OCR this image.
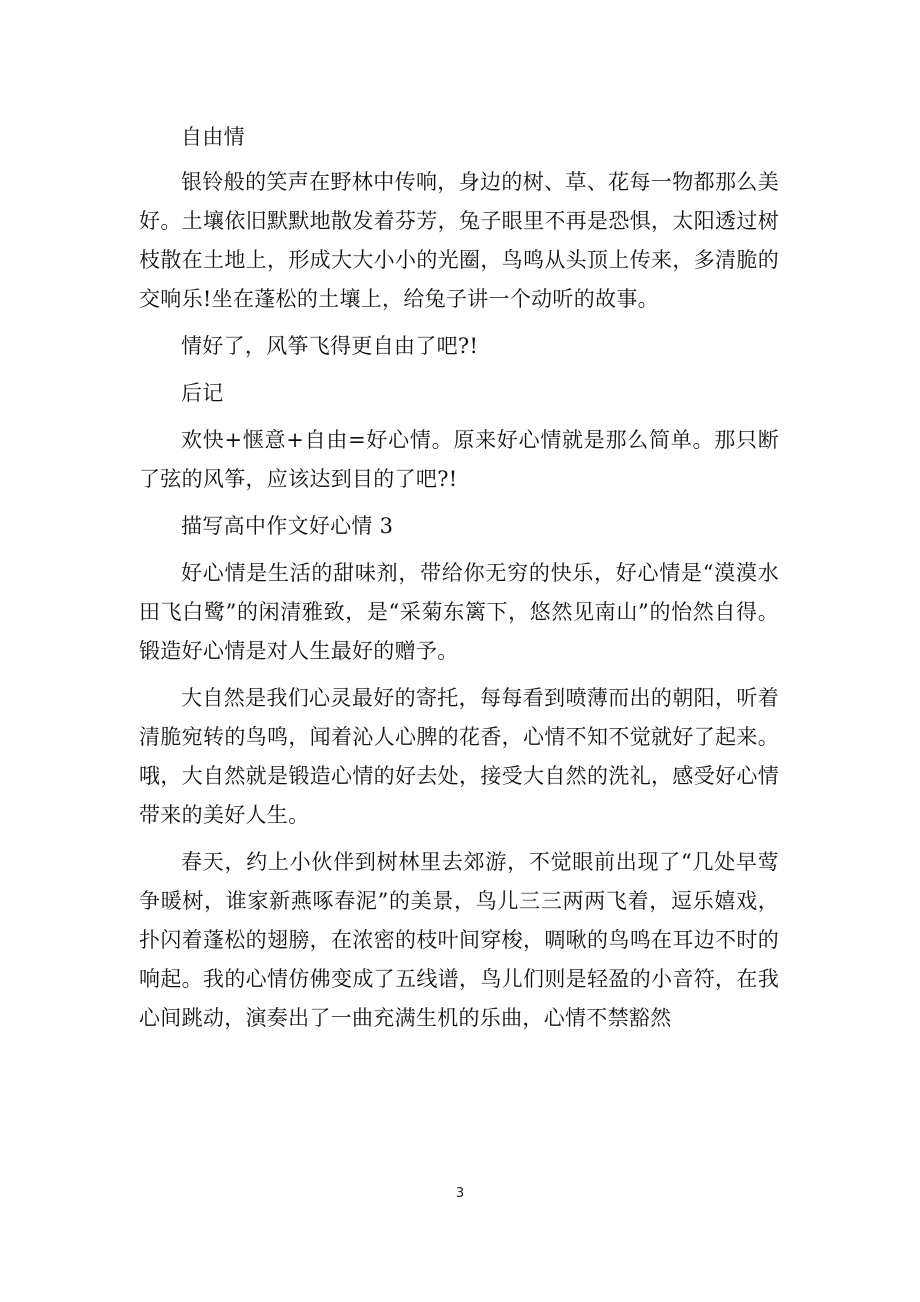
自由情

银铃般的笑声在野林中传响，身边的树、草、花每一物都那么美好。土壤依旧默默地散发着芬芳，兔子眼里不再是恐惧，太阳透过树枝散在土地上，形成大大小小的光圈，鸟鸣从头顶上传来，多清脆的交响乐!坐在蓬松的土壤上，给兔子讲一个动听的故事。

情好了，风筝飞得更自由了吧?!

后记

欢快+惬意+自由=好心情。原来好心情就是那么简单。那只断了弦的风筝，应该达到目的了吧?!

描写高中作文好心情 3

好心情是生活的甜味剂，带给你无穷的快乐，好心情是“漠漠水田飞白鹭”的闲清雅致，是“采菊东篱下，悠然见南山”的怡然自得。锻造好心情是对人生最好的赠予。

大自然是我们心灵最好的寄托，每每看到喷薄而出的朝阳，听着清脆宛转的鸟鸣，闻着沁人心脾的花香，心情不知不觉就好了起来。哦，大自然就是锻造心情的好去处，接受大自然的洗礼，感受好心情带来的美好人生。

春天，约上小伙伴到树林里去郊游，不觉眼前出现了“几处早莺争暖树，谁家新燕啄春泥”的美景，鸟儿三三两两飞着，逗乐嬉戏，扑闪着蓬松的翅膀，在浓密的枝叶间穿梭，啁啾的鸟鸣在耳边不时的响起。我的心情仿佛变成了五线谱，鸟儿们则是轻盈的小音符，在我心间跳动，演奏出了一曲充满生机的乐曲，心情不禁豁然

3
